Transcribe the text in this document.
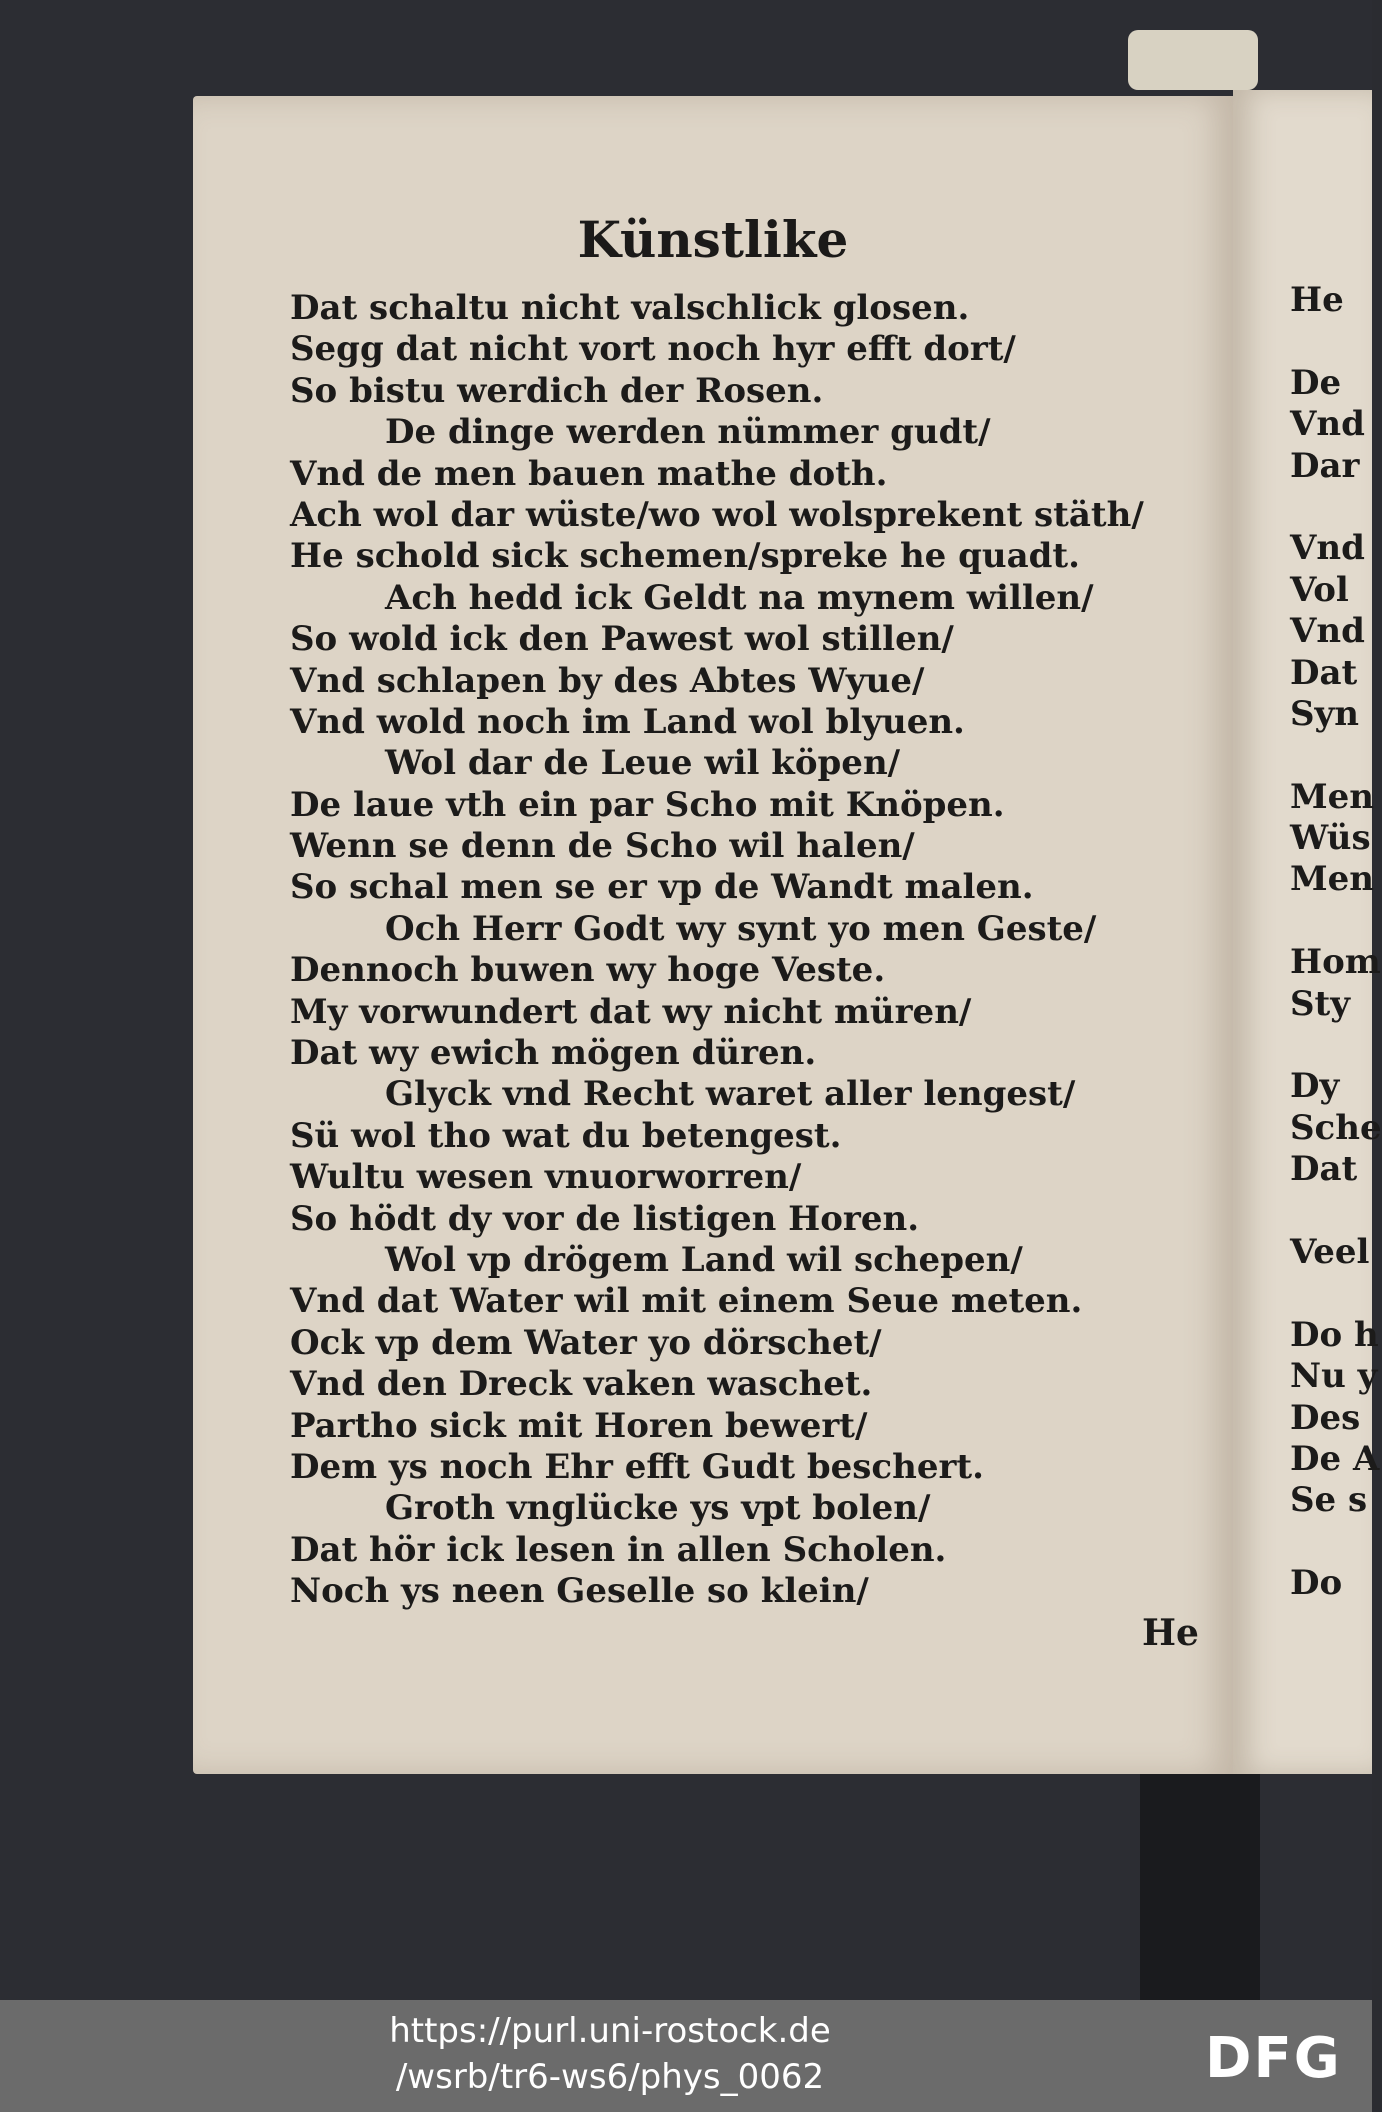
Künstlike
Dat schaltu nicht valschlick glosen.
Segg dat nicht vort noch hyr efft dort/
So bistu werdich der Rosen.
De dinge werden nümmer gudt/
Vnd de men bauen mathe doth.
Ach wol dar wüste/wo wol wolsprekent stäth/
He schold sick schemen/spreke he quadt.
Ach hedd ick Geldt na mynem willen/
So wold ick den Pawest wol stillen/
Vnd schlapen by des Abtes Wyue/
Vnd wold noch im Land wol blyuen.
Wol dar de Leue wil köpen/
De laue vth ein par Scho mit Knöpen.
Wenn se denn de Scho wil halen/
So schal men se er vp de Wandt malen.
Och Herr Godt wy synt yo men Geste/
Dennoch buwen wy hoge Veste.
My vorwundert dat wy nicht müren/
Dat wy ewich mögen düren.
Glyck vnd Recht waret aller lengest/
Sü wol tho wat du betengest.
Wultu wesen vnuorworren/
So hödt dy vor de listigen Horen.
Wol vp drögem Land wil schepen/
Vnd dat Water wil mit einem Seue meten.
Ock vp dem Water yo dörschet/
Vnd den Dreck vaken waschet.
Partho sick mit Horen bewert/
Dem ys noch Ehr efft Gudt beschert.
Groth vnglücke ys vpt bolen/
Dat hör ick lesen in allen Scholen.
Noch ys neen Geselle so klein/
He
He
De
Vnd
Dar
Vnd
Vol
Vnd
Dat
Syn
Men
Wüs
Men
Hom
Sty
Dy
Sche
Dat
Veel
Do h
Nu y
Des
De A
Se s
Do
https://purl.uni-rostock.de
/wsrb/tr6-ws6/phys_0062	DFG
